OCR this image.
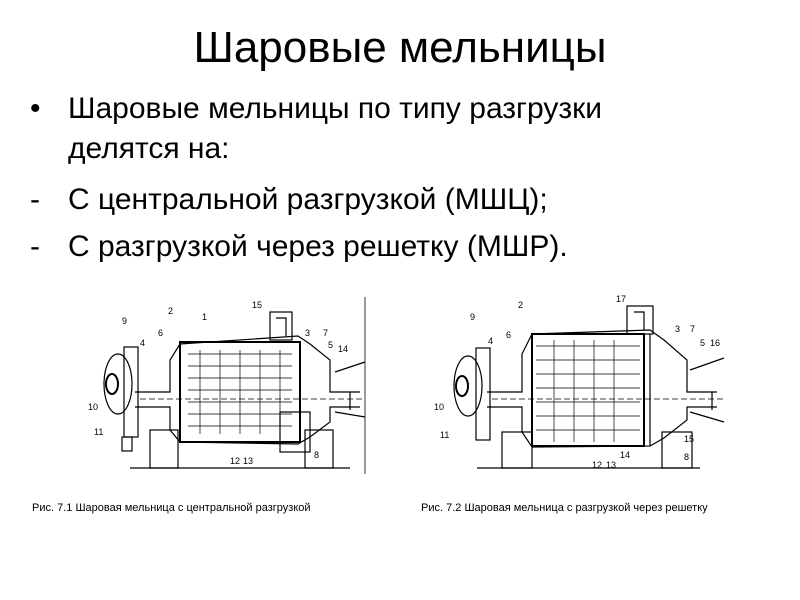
Шаровые мельницы
• Шаровые мельницы по типу разгрузки
делятся на:
- С центральной разгрузкой (МШЦ);
- С разгрузкой через решетку (МШР).
9
6
4
2
1
15
3 7
5 14
10
11
12 13
8
9
2
6
4
17
3 7
5 16
10
11
12 13
14
15
8
Рис. 7.1 Шаровая мельница с центральной разгрузкой	Рис. 7.2 Шаровая мельница с разгрузкой через решетку
